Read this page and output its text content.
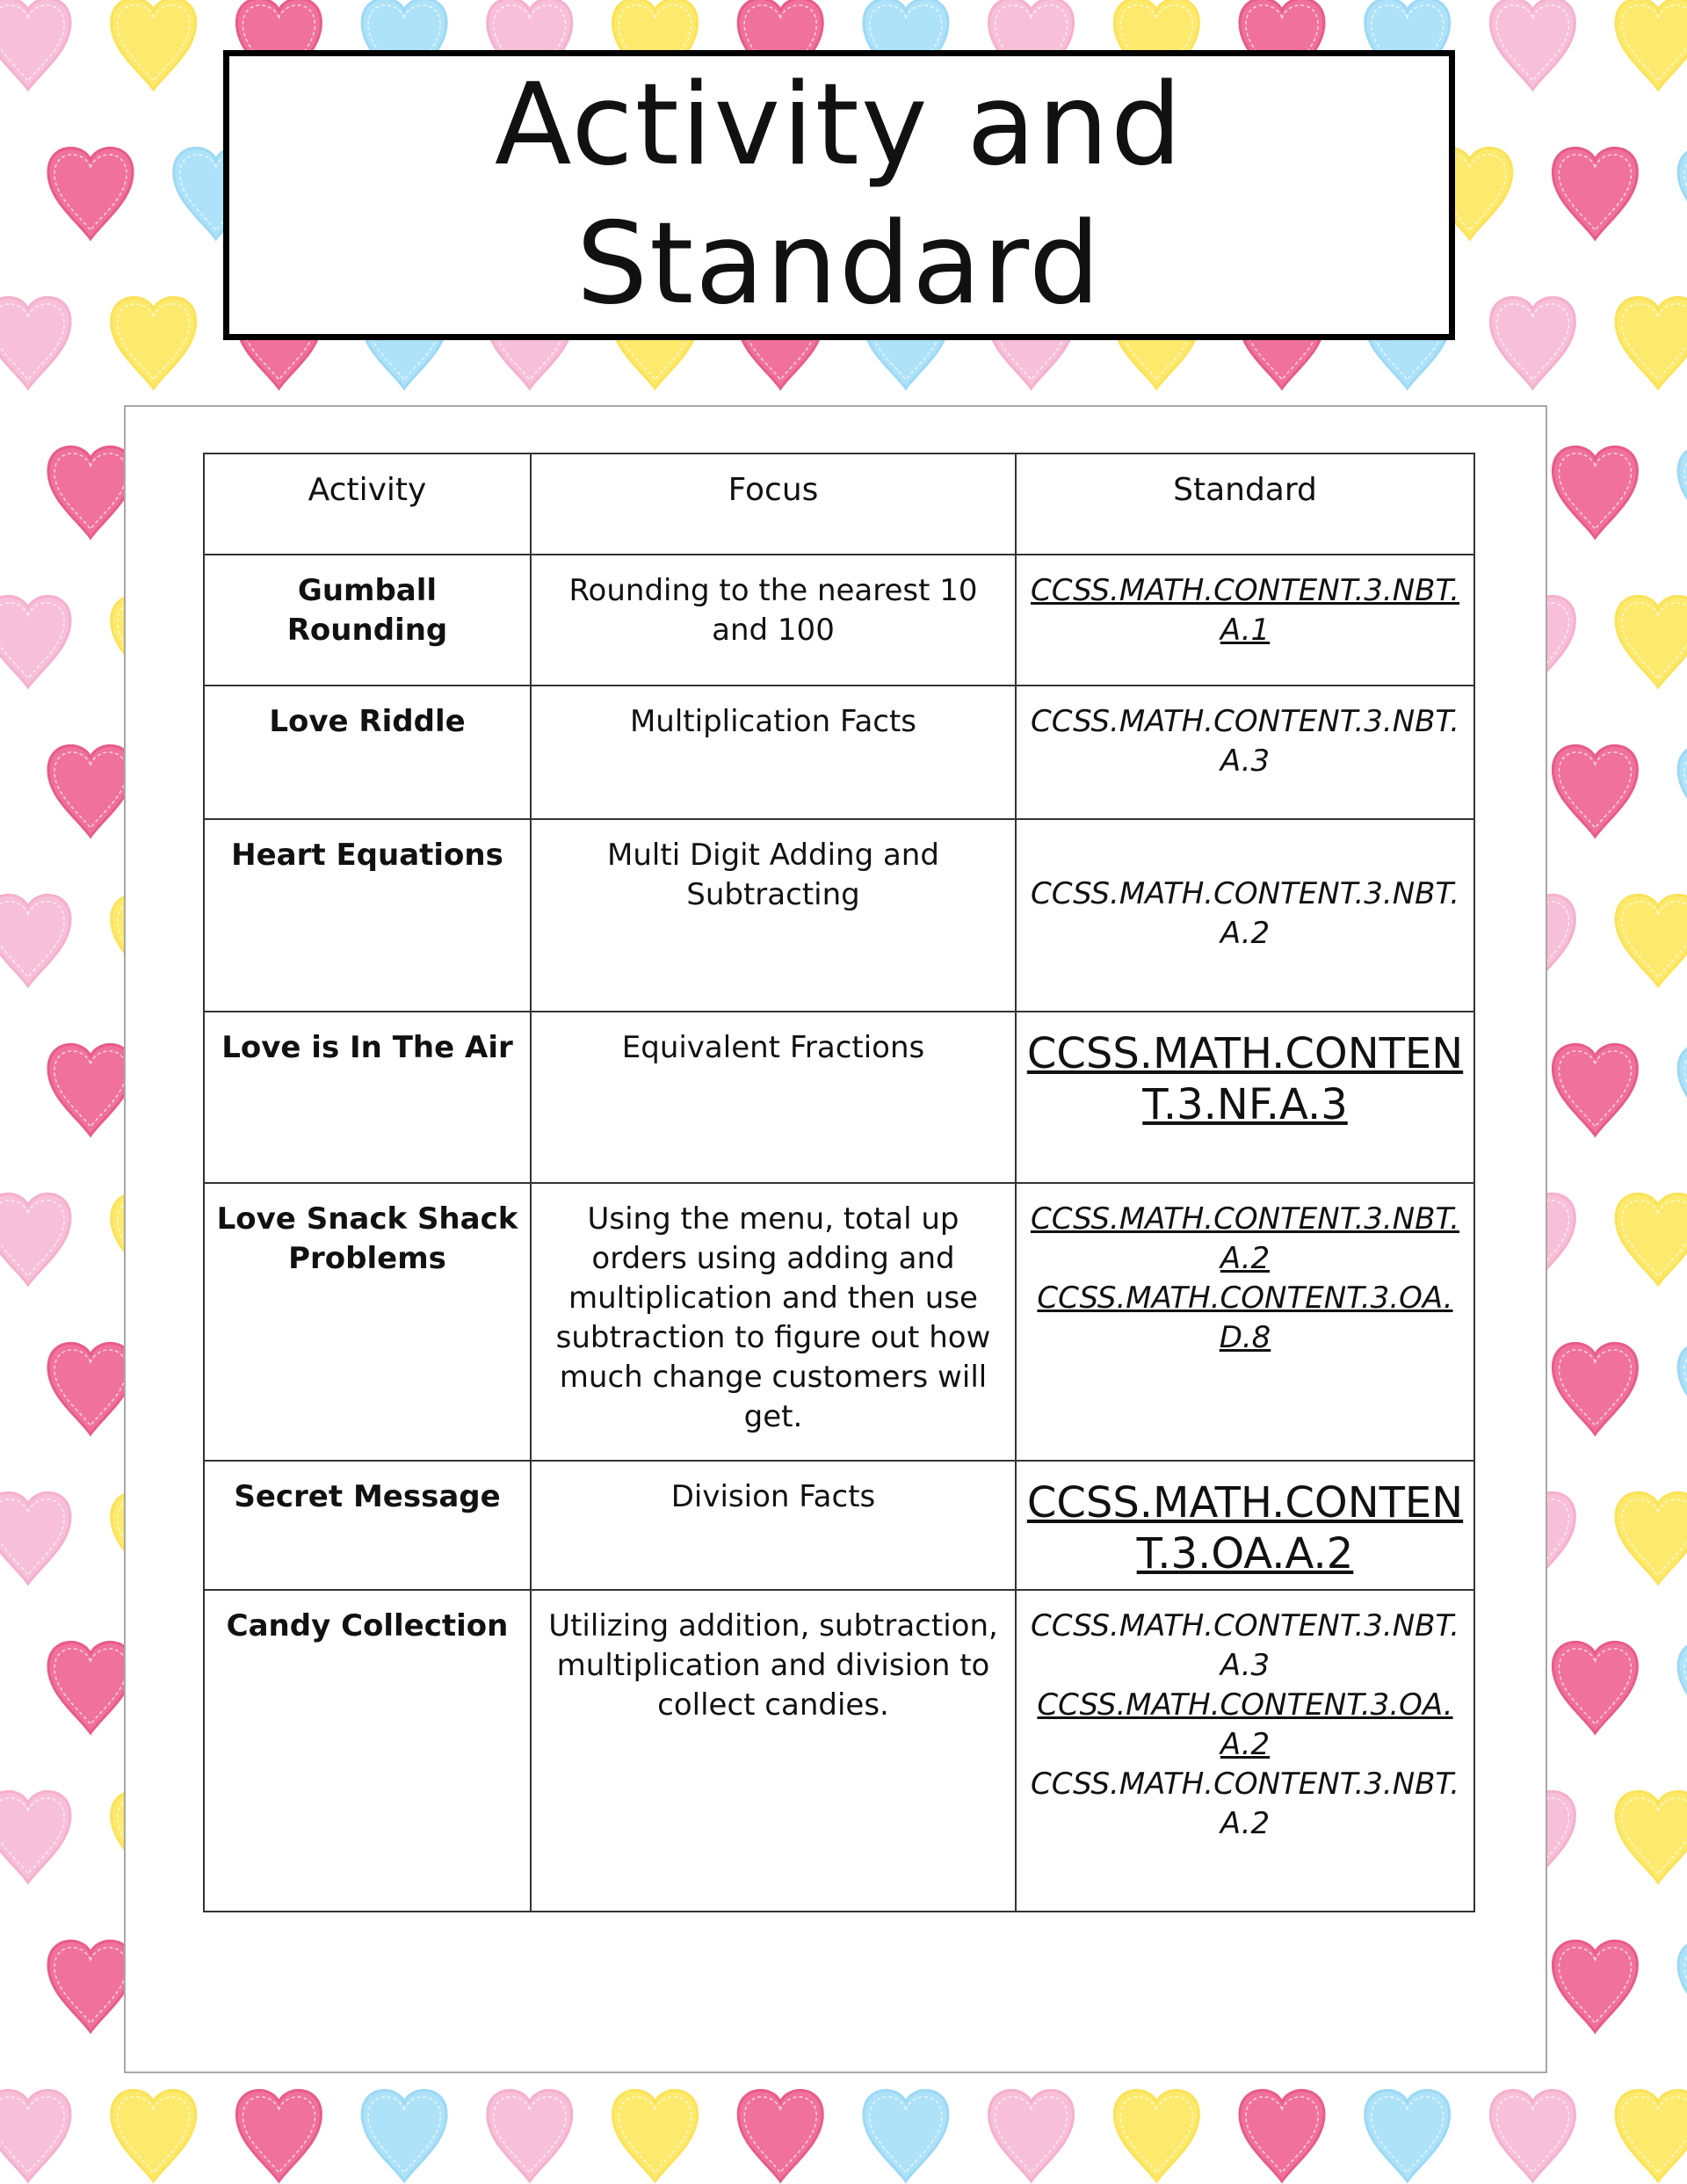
Activity and
Standard
Activity	Focus	Standard
Gumball Rounding	Rounding to the nearest 10 and 100	CCSS.MATH.CONTENT.3.NBT.A.1

Love Riddle	Multiplication Facts	CCSS.MATH.CONTENT.3.NBT.A.3

Heart Equations	Multi Digit Adding and Subtracting	CCSS.MATH.CONTENT.3.NBT.A.2

Love is In The Air	Equivalent Fractions	CCSS.MATH.CONTENT.3.NF.A.3

Love Snack Shack Problems	Using the menu, total up orders using adding and multiplication and then use subtraction to figure out how much change customers will get.	CCSS.MATH.CONTENT.3.NBT.A.2
CCSS.MATH.CONTENT.3.OA.D.8

Secret Message	Division Facts	CCSS.MATH.CONTENT.3.OA.A.2

Candy Collection	Utilizing addition, subtraction, multiplication and division to collect candies.	CCSS.MATH.CONTENT.3.NBT.A.3
CCSS.MATH.CONTENT.3.OA.A.2
CCSS.MATH.CONTENT.3.NBT.A.2
